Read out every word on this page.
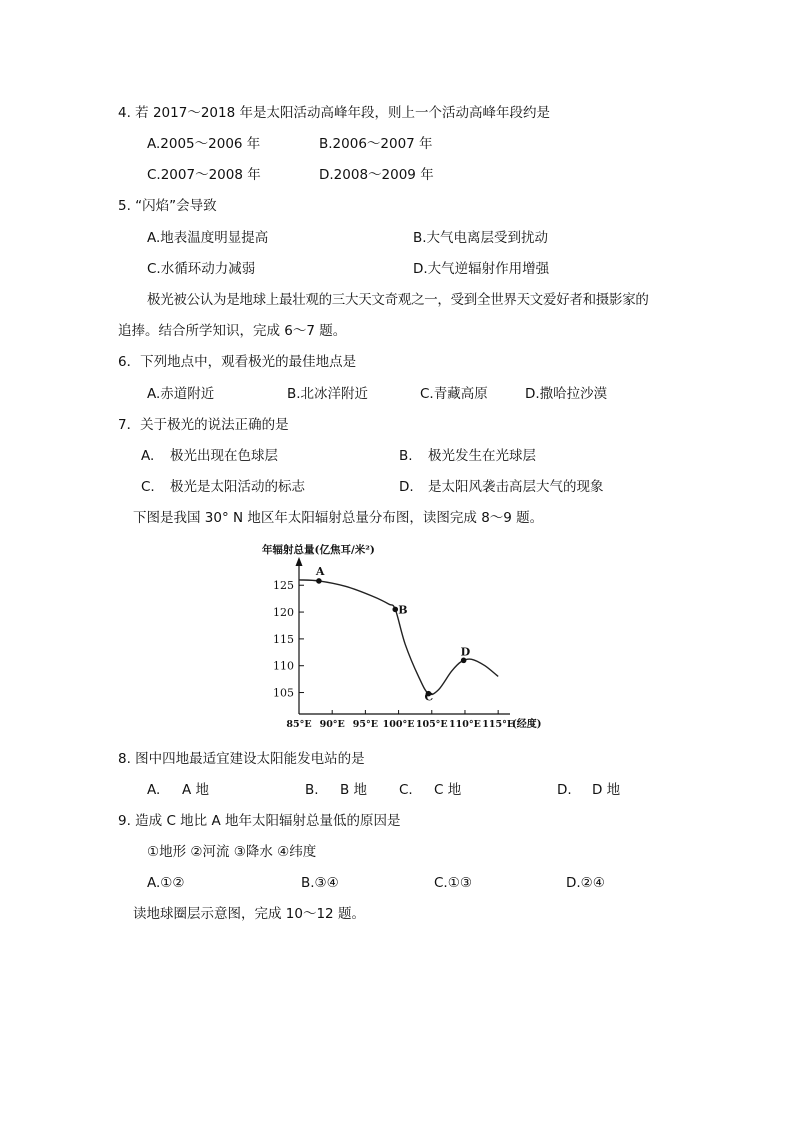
4. 若 2017～2018 年是太阳活动高峰年段，则上一个活动高峰年段约是
A.2005～2006 年	B.2006～2007 年
C.2007～2008 年	D.2008～2009 年
5. “闪焰”会导致
A.地表温度明显提高	B.大气电离层受到扰动
C.水循环动力减弱	D.大气逆辐射作用增强
极光被公认为是地球上最壮观的三大天文奇观之一，受到全世界天文爱好者和摄影家的
追捧。结合所学知识，完成 6～7 题。
6．下列地点中，观看极光的最佳地点是
A.赤道附近	B.北冰洋附近	C.青藏高原	D.撒哈拉沙漠
7．关于极光的说法正确的是
A. 极光出现在色球层	B. 极光发生在光球层
C. 极光是太阳活动的标志	D. 是太阳风袭击高层大气的现象
下图是我国 30° N 地区年太阳辐射总量分布图，读图完成 8～9 题。
年辐射总量(亿焦耳/米²)
(经度)
105
110
115
120
125
85°E 90°E 95°E 100°E 105°E 110°E 115°E
A
B
C
D
8. 图中四地最适宜建设太阳能发电站的是
A. A 地	B. B 地 C. C 地	D. D 地
9. 造成 C 地比 A 地年太阳辐射总量低的原因是
①地形 ②河流 ③降水 ④纬度
A.①②	B.③④	C.①③	D.②④
读地球圈层示意图，完成 10～12 题。
